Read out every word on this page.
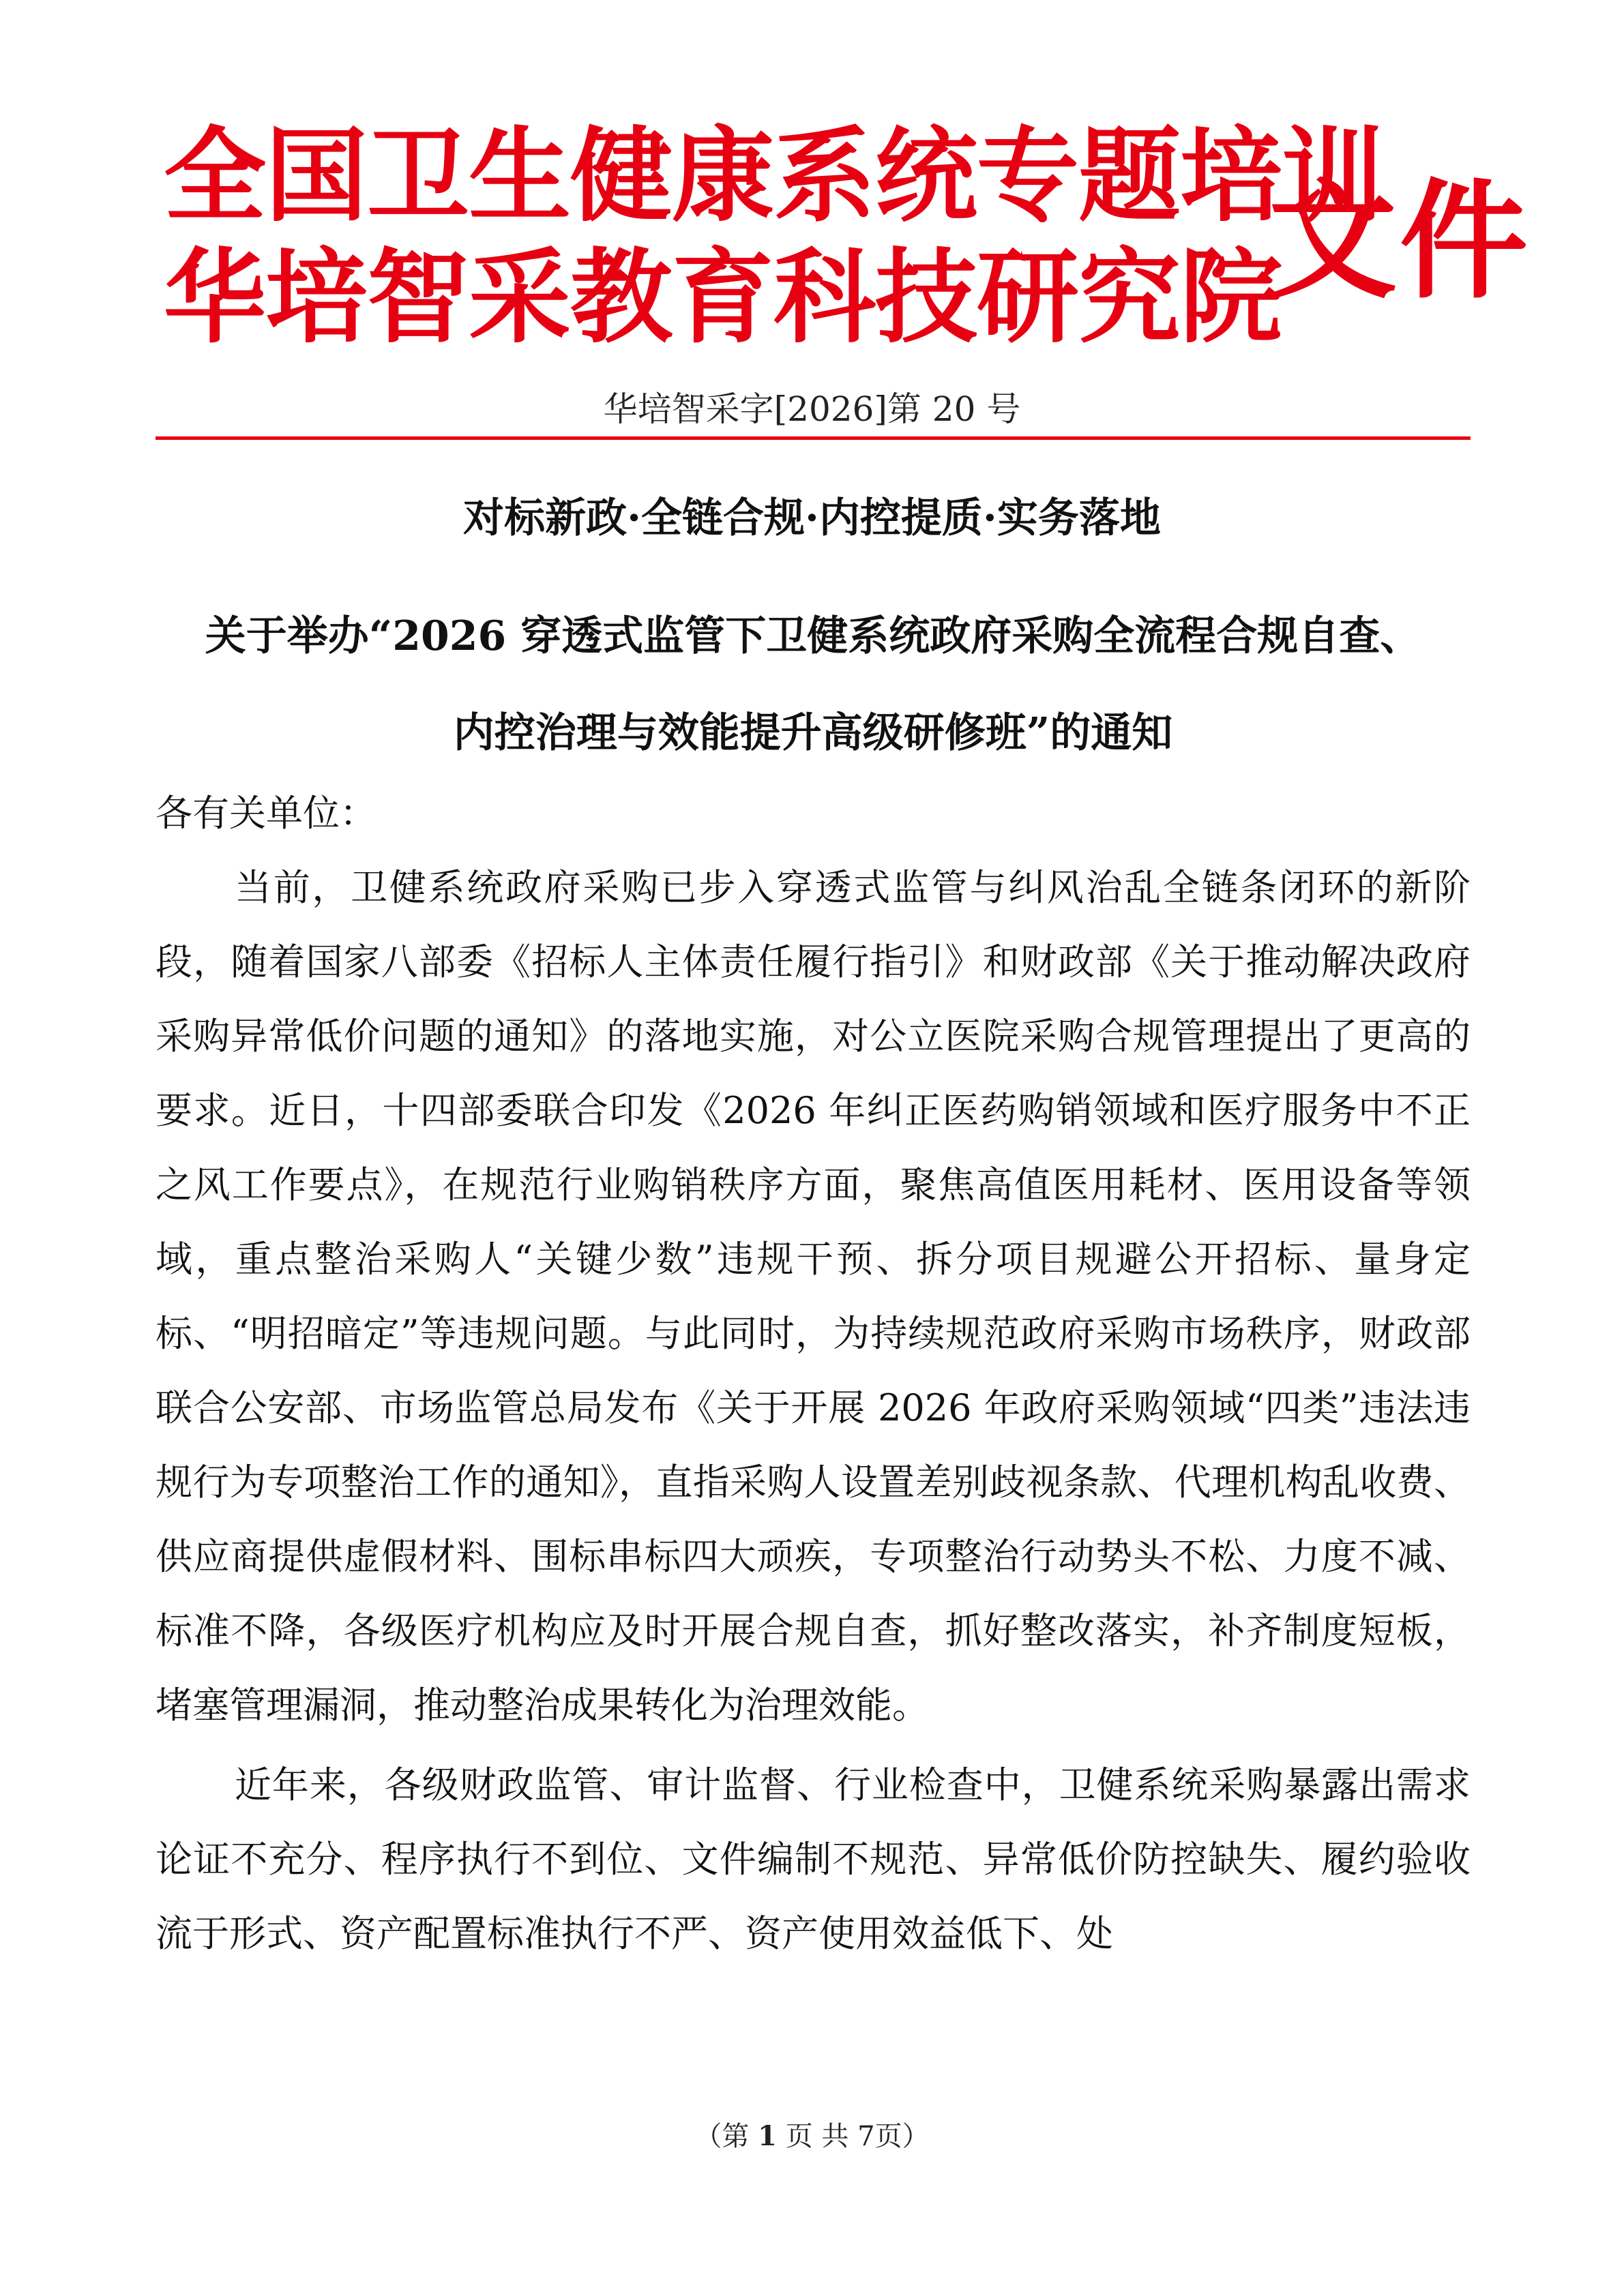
全国卫生健康系统专题培训
华培智采教育科技研究院
文件
华培智采字[2026]第 20 号
对标新政·全链合规·内控提质·实务落地
关于举办“2026 穿透式监管下卫健系统政府采购全流程合规自查、
内控治理与效能提升高级研修班”的通知

各有关单位：

当前，卫健系统政府采购已步入穿透式监管与纠风治乱全链条闭环的新阶段，随着国家八部委《招标人主体责任履行指引》和财政部《关于推动解决政府采购异常低价问题的通知》的落地实施，对公立医院采购合规管理提出了更高的要求。近日，十四部委联合印发《2026 年纠正医药购销领域和医疗服务中不正之风工作要点》，在规范行业购销秩序方面，聚焦高值医用耗材、医用设备等领域，重点整治采购人“关键少数”违规干预、拆分项目规避公开招标、量身定标、“明招暗定”等违规问题。与此同时，为持续规范政府采购市场秩序，财政部联合公安部、市场监管总局发布《关于开展 2026 年政府采购领域“四类”违法违规行为专项整治工作的通知》，直指采购人设置差别歧视条款、代理机构乱收费、供应商提供虚假材料、围标串标四大顽疾，专项整治行动势头不松、力度不减、标准不降，各级医疗机构应及时开展合规自查，抓好整改落实，补齐制度短板，堵塞管理漏洞，推动整治成果转化为治理效能。

近年来，各级财政监管、审计监督、行业检查中，卫健系统采购暴露出需求论证不充分、程序执行不到位、文件编制不规范、异常低价防控缺失、履约验收流于形式、资产配置标准执行不严、资产使用效益低下、处

（第 1 页 共 7页）
